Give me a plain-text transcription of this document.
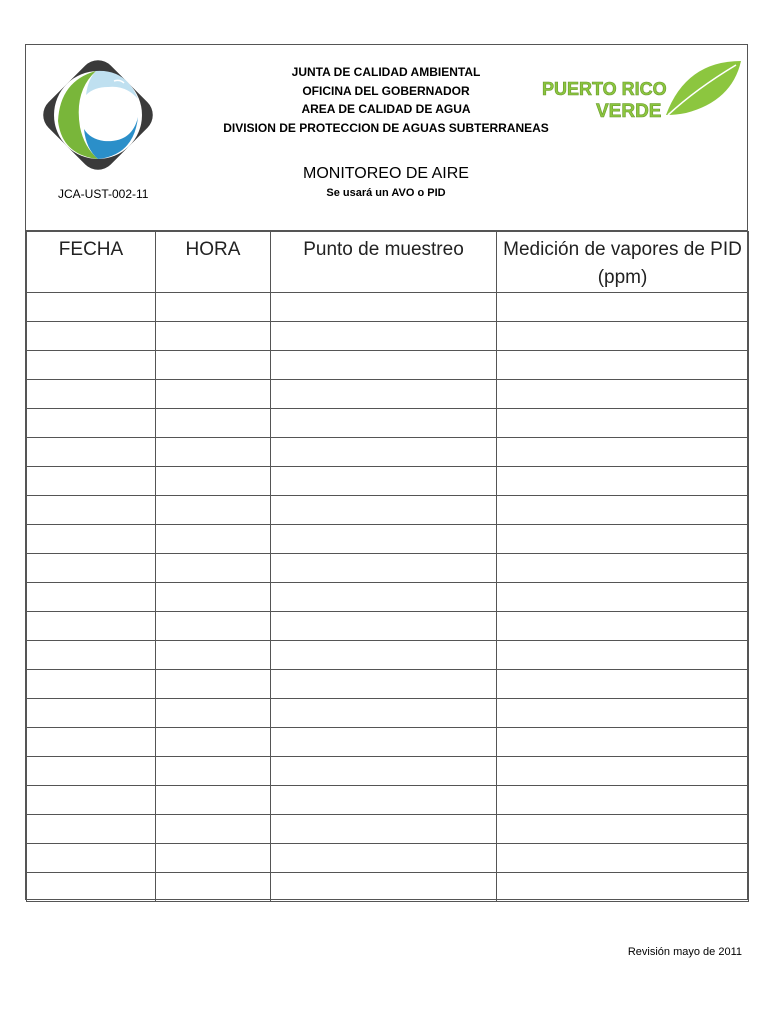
JUNTA DE CALIDAD AMBIENTAL
OFICINA DEL GOBERNADOR
AREA DE CALIDAD DE AGUA
DIVISION DE PROTECCION DE AGUAS SUBTERRANEAS
PUERTO RICO
VERDE
MONITOREO DE AIRE
Se usará un AVO o PID
JCA-UST-002-11
FECHA	HORA	Punto de muestreo	Medición de vapores de PID (ppm)

Revisión mayo de 2011
